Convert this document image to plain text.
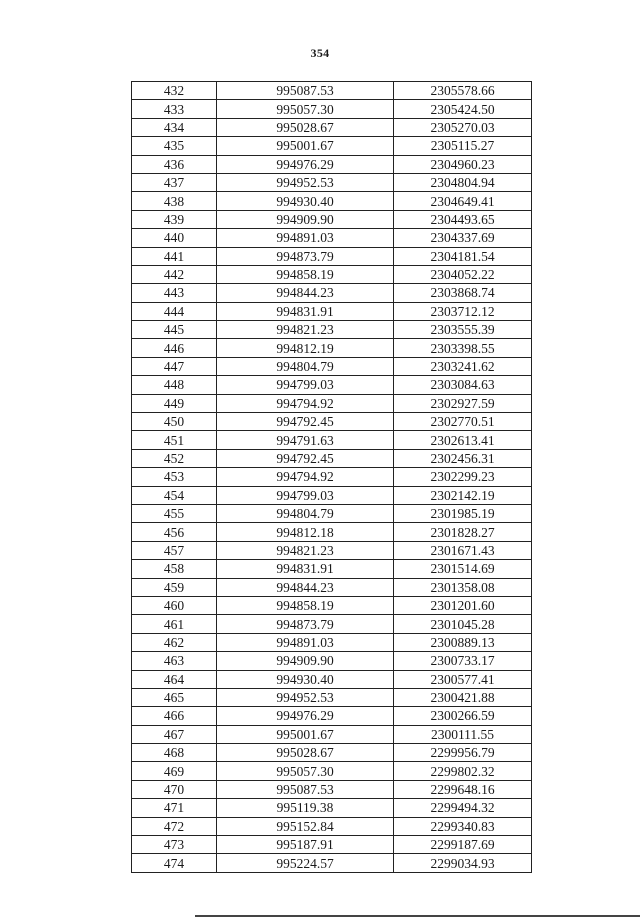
354
432	995087.53	2305578.66
433	995057.30	2305424.50
434	995028.67	2305270.03
435	995001.67	2305115.27
436	994976.29	2304960.23
437	994952.53	2304804.94
438	994930.40	2304649.41
439	994909.90	2304493.65
440	994891.03	2304337.69
441	994873.79	2304181.54
442	994858.19	2304052.22
443	994844.23	2303868.74
444	994831.91	2303712.12
445	994821.23	2303555.39
446	994812.19	2303398.55
447	994804.79	2303241.62
448	994799.03	2303084.63
449	994794.92	2302927.59
450	994792.45	2302770.51
451	994791.63	2302613.41
452	994792.45	2302456.31
453	994794.92	2302299.23
454	994799.03	2302142.19
455	994804.79	2301985.19
456	994812.18	2301828.27
457	994821.23	2301671.43
458	994831.91	2301514.69
459	994844.23	2301358.08
460	994858.19	2301201.60
461	994873.79	2301045.28
462	994891.03	2300889.13
463	994909.90	2300733.17
464	994930.40	2300577.41
465	994952.53	2300421.88
466	994976.29	2300266.59
467	995001.67	2300111.55
468	995028.67	2299956.79
469	995057.30	2299802.32
470	995087.53	2299648.16
471	995119.38	2299494.32
472	995152.84	2299340.83
473	995187.91	2299187.69
474	995224.57	2299034.93
